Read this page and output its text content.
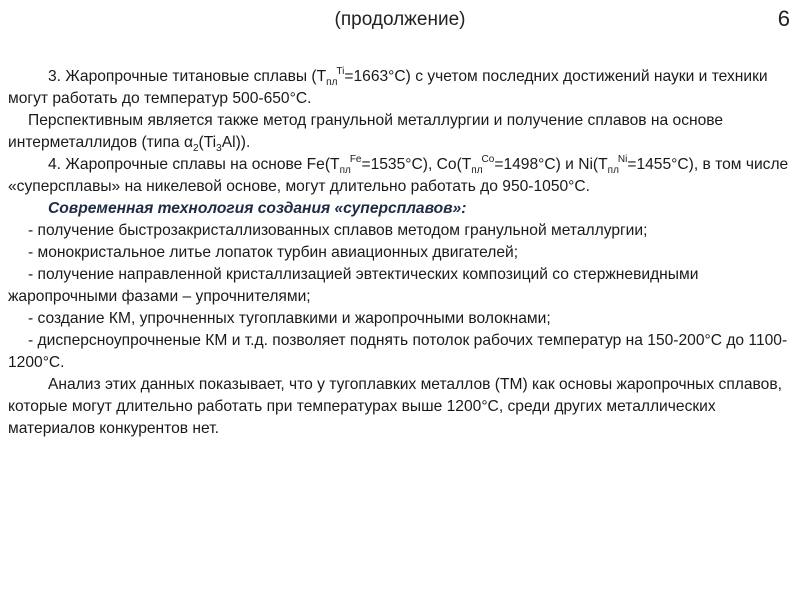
(продолжение)	6

3. Жаропрочные титановые сплавы $(Т_{пл}^{Ti}=1663^\circ С)$ с учетом последних достижений науки и техники могут работать до температур 500-650°С.

Перспективным является также метод гранульной металлургии и получение сплавов на основе интерметаллидов (типа $\alpha_2(Ti_3Al)$).

4. Жаропрочные сплавы на основе $Fe(Т_{пл}^{Fe}=1535^\circ С)$, $Co(Т_{пл}^{Co}=1498^\circ С)$ и $Ni(Т_{пл}^{Ni}=1455^\circ С)$, в том числе «суперсплавы» на никелевой основе, могут длительно работать до 950-1050°С.

Современная технология создания «суперсплавов»:

- получение быстрозакристаллизованных сплавов методом гранульной металлургии;

- монокристальное литье лопаток турбин авиационных двигателей;

- получение направленной кристаллизацией эвтектических композиций со стержневидными жаропрочными фазами – упрочнителями;

- создание КМ, упрочненных тугоплавкими и жаропрочными волокнами;

- дисперсноупрочненые КМ и т.д. позволяет поднять потолок рабочих температур на 150-200°С до 1100-1200°С.

Анализ этих данных показывает, что у тугоплавких металлов (ТМ) как основы жаропрочных сплавов, которые могут длительно работать при температурах выше 1200°С, среди других металлических материалов конкурентов нет.
